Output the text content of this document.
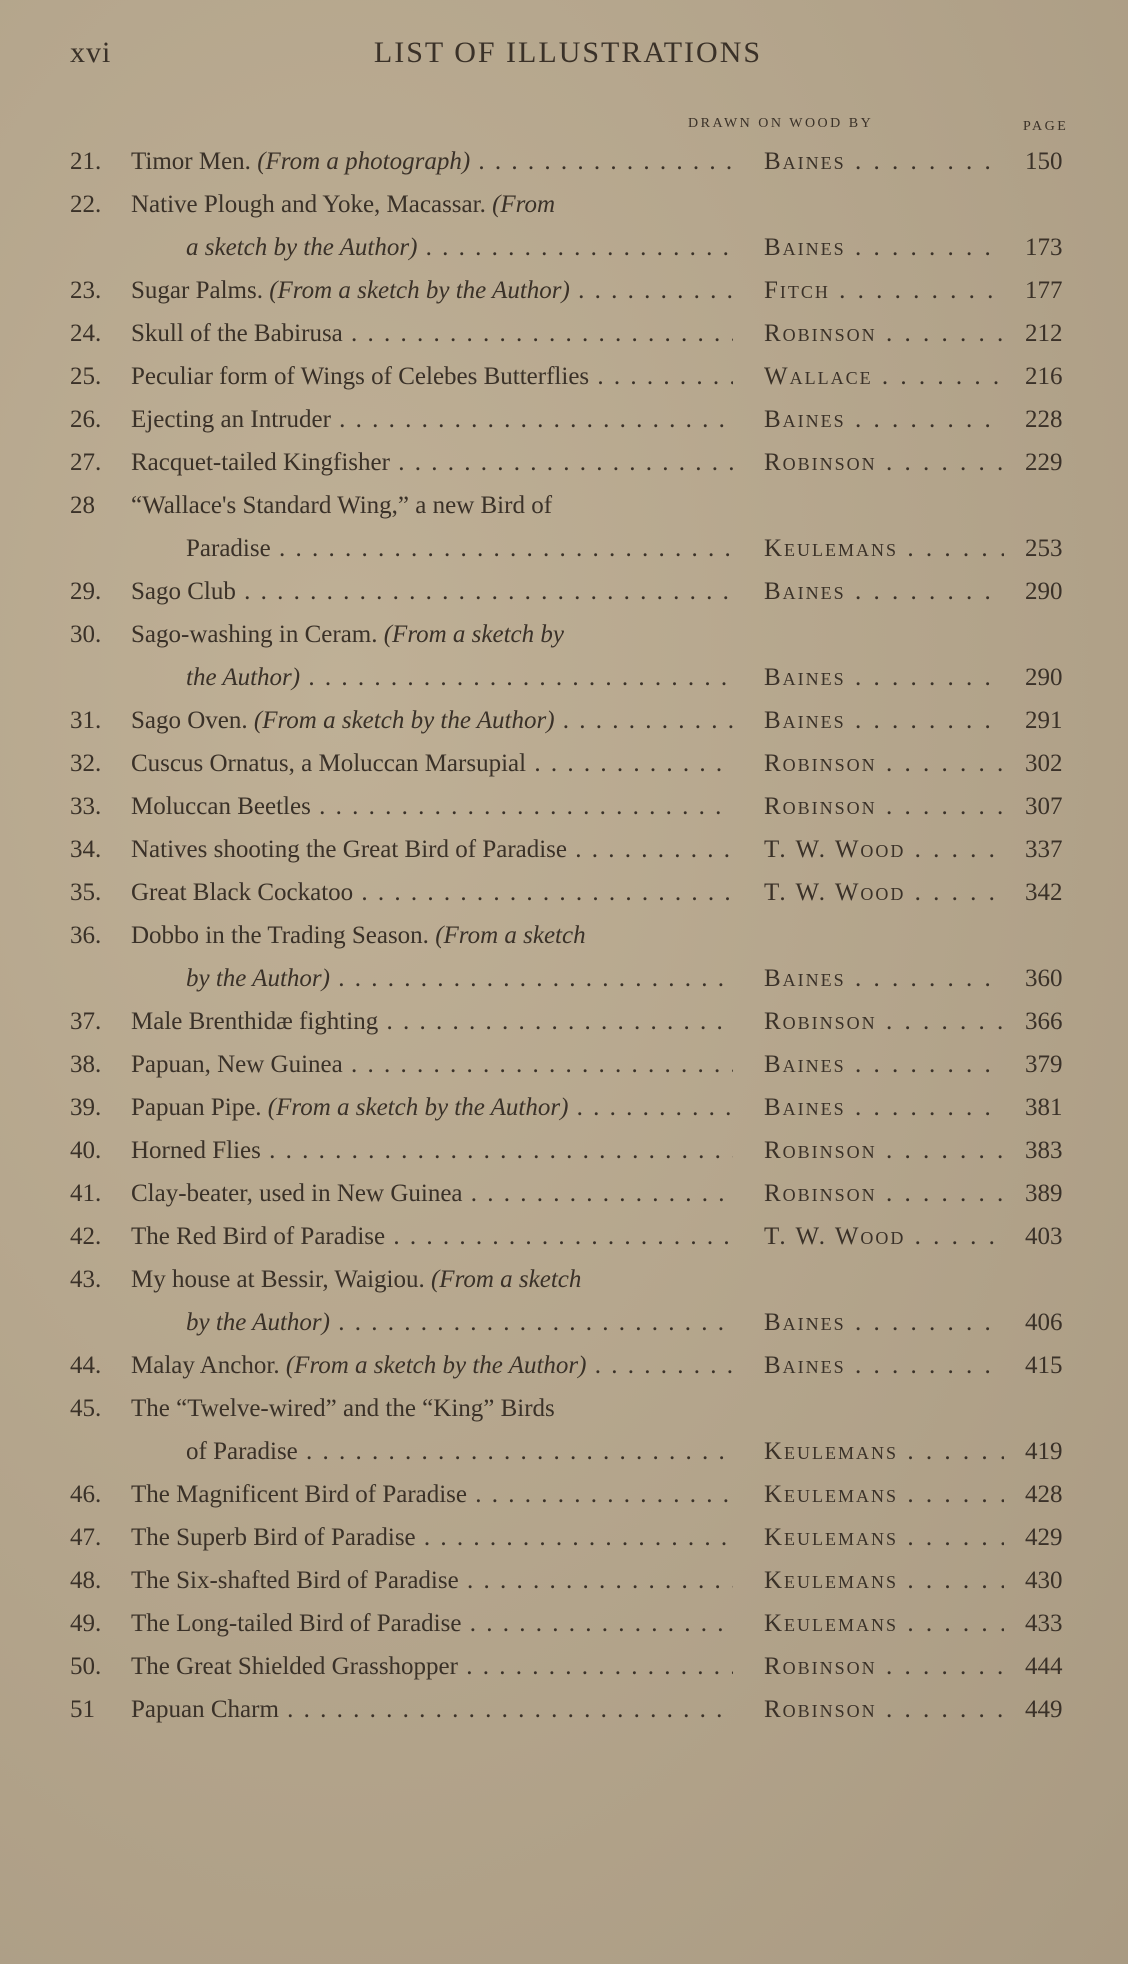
xvi	LIST OF ILLUSTRATIONS
DRAWN ON WOOD BY	PAGE
21. Timor Men. (From a photograph) . . .	Baines . . .	150
22. Native Plough and Yoke, Macassar. (From
a sketch by the Author) . . .	Baines . . .	173
23. Sugar Palms. (From a sketch by the Author) . . .	Fitch . . .	177
24. Skull of the Babirusa . . .	Robinson . . .	212
25. Peculiar form of Wings of Celebes Butterflies . . .	Wallace . . .	216
26. Ejecting an Intruder . . .	Baines . . .	228
27. Racquet-tailed Kingfisher . . .	Robinson . . .	229
28 “Wallace's Standard Wing,” a new Bird of
Paradise . . .	Keulemans . . .	253
29. Sago Club . . .	Baines . . .	290
30. Sago-washing in Ceram. (From a sketch by
the Author) . . .	Baines . . .	290
31. Sago Oven. (From a sketch by the Author) . . .	Baines . . .	291
32. Cuscus Ornatus, a Moluccan Marsupial . . .	Robinson . . .	302
33. Moluccan Beetles . . .	Robinson . . .	307
34. Natives shooting the Great Bird of Paradise . . .	T. W. Wood . . .	337
35. Great Black Cockatoo . . .	T. W. Wood . . .	342
36. Dobbo in the Trading Season. (From a sketch
by the Author) . . .	Baines . . .	360
37. Male Brenthidæ fighting . . .	Robinson . . .	366
38. Papuan, New Guinea . . .	Baines . . .	379
39. Papuan Pipe. (From a sketch by the Author) . . .	Baines . . .	381
40. Horned Flies . . .	Robinson . . .	383
41. Clay-beater, used in New Guinea . . .	Robinson . . .	389
42. The Red Bird of Paradise . . .	T. W. Wood . . .	403
43. My house at Bessir, Waigiou. (From a sketch
by the Author) . . .	Baines . . .	406
44. Malay Anchor. (From a sketch by the Author) . . .	Baines . . .	415
45. The “Twelve-wired” and the “King” Birds
of Paradise . . .	Keulemans . . .	419
46. The Magnificent Bird of Paradise . . .	Keulemans . . .	428
47. The Superb Bird of Paradise . . .	Keulemans . . .	429
48. The Six-shafted Bird of Paradise . . .	Keulemans . . .	430
49. The Long-tailed Bird of Paradise . . .	Keulemans . . .	433
50. The Great Shielded Grasshopper . . .	Robinson . . .	444
51 Papuan Charm . . .	Robinson . . .	449
